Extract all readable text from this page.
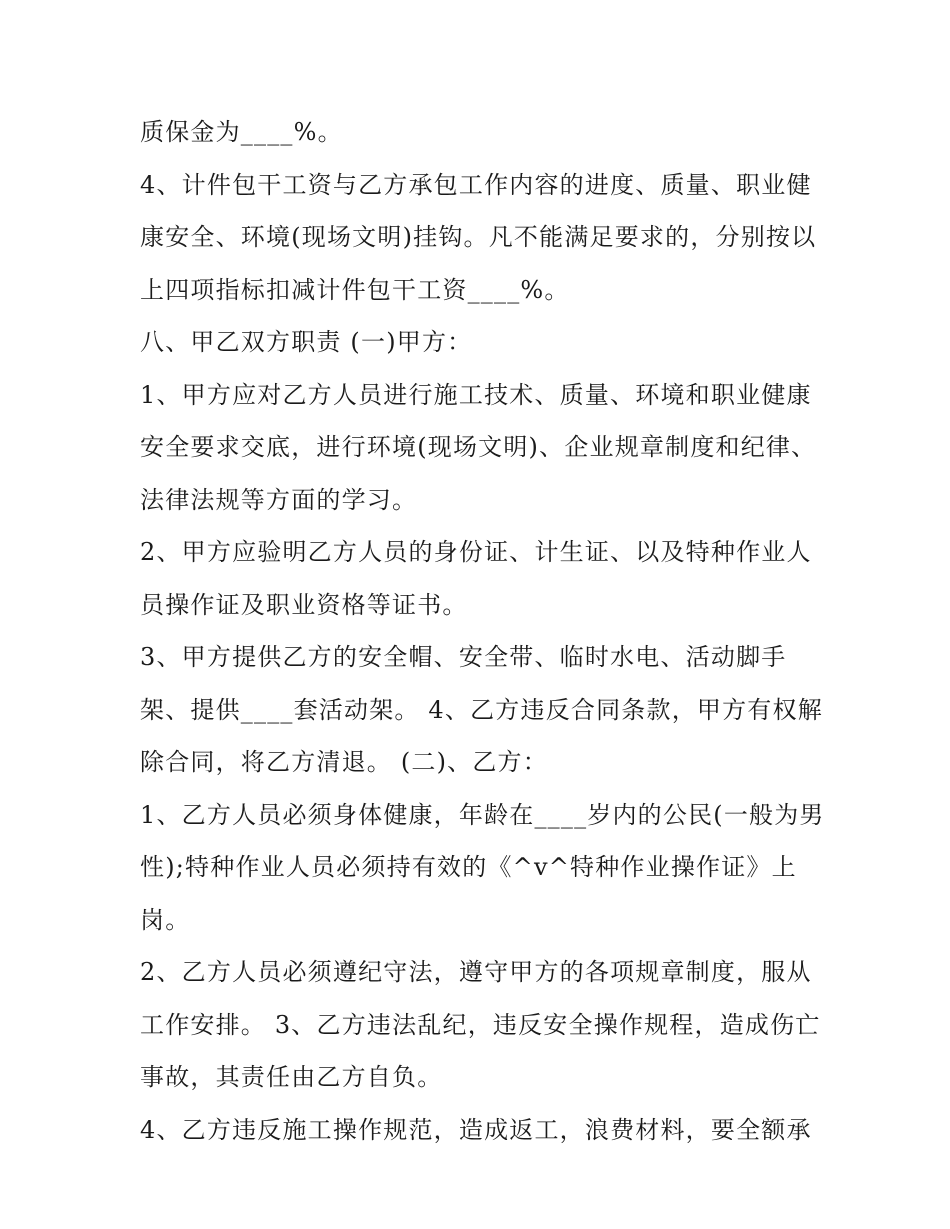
质保金为____%。
4、计件包干工资与乙方承包工作内容的进度、质量、职业健
康安全、环境(现场文明)挂钩。凡不能满足要求的，分别按以
上四项指标扣减计件包干工资____%。
八、甲乙双方职责 (一)甲方：
1、甲方应对乙方人员进行施工技术、质量、环境和职业健康
安全要求交底，进行环境(现场文明)、企业规章制度和纪律、
法律法规等方面的学习。
2、甲方应验明乙方人员的身份证、计生证、以及特种作业人
员操作证及职业资格等证书。
3、甲方提供乙方的安全帽、安全带、临时水电、活动脚手
架、提供____套活动架。 4、乙方违反合同条款，甲方有权解
除合同，将乙方清退。 (二)、乙方：
1、乙方人员必须身体健康，年龄在____岁内的公民(一般为男
性);特种作业人员必须持有效的《^v^特种作业操作证》上
岗。
2、乙方人员必须遵纪守法，遵守甲方的各项规章制度，服从
工作安排。 3、乙方违法乱纪，违反安全操作规程，造成伤亡
事故，其责任由乙方自负。
4、乙方违反施工操作规范，造成返工，浪费材料，要全额承
